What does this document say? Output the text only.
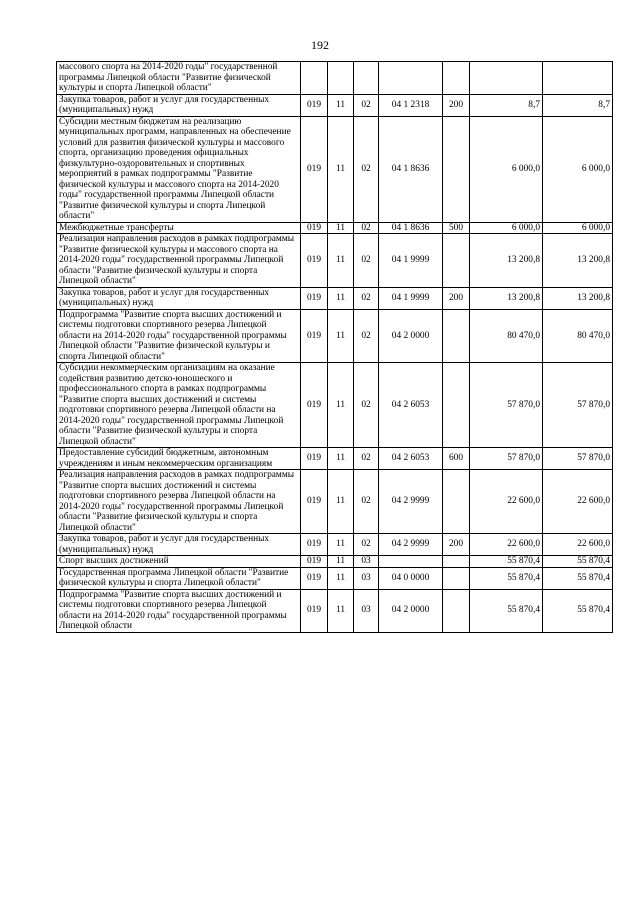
192
массового спорта на 2014-2020 годы" государственной программы Липецкой области "Развитие физической культуры и спорта Липецкой области"							
Закупка товаров, работ и услуг для государственных (муниципальных) нужд	019	11	02	04 1 2318	200	8,7	8,7
Субсидии местным бюджетам на реализацию муниципальных программ, направленных на обеспечение условий для развития физической культуры и массового спорта, организацию проведения официальных физкультурно-оздоровительных и спортивных мероприятий в рамках подпрограммы "Развитие физической культуры и массового спорта на 2014-2020 годы" государственной программы Липецкой области "Развитие физической культуры и спорта Липецкой области"	019	11	02	04 1 8636		6 000,0	6 000,0
Межбюджетные трансферты	019	11	02	04 1 8636	500	6 000,0	6 000,0
Реализация направления расходов в рамках подпрограммы "Развитие физической культуры и массового спорта на 2014-2020 годы" государственной программы Липецкой области "Развитие физической культуры и спорта Липецкой области"	019	11	02	04 1 9999		13 200,8	13 200,8
Закупка товаров, работ и услуг для государственных (муниципальных) нужд	019	11	02	04 1 9999	200	13 200,8	13 200,8
Подпрограмма "Развитие спорта высших достижений и системы подготовки спортивного резерва Липецкой области на 2014-2020 годы" государственной программы Липецкой области "Развитие физической культуры и спорта Липецкой области"	019	11	02	04 2 0000		80 470,0	80 470,0
Субсидии некоммерческим организациям на оказание содействия развитию детско-юношеского и профессионального спорта в рамках подпрограммы "Развитие спорта высших достижений и системы подготовки спортивного резерва Липецкой области на 2014-2020 годы" государственной программы Липецкой области "Развитие физической культуры и спорта Липецкой области"	019	11	02	04 2 6053		57 870,0	57 870,0
Предоставление субсидий бюджетным, автономным учреждениям и иным некоммерческим организациям	019	11	02	04 2 6053	600	57 870,0	57 870,0
Реализация направления расходов в рамках подпрограммы "Развитие спорта высших достижений и системы подготовки спортивного резерва Липецкой области на 2014-2020 годы" государственной программы Липецкой области "Развитие физической культуры и спорта Липецкой области"	019	11	02	04 2 9999		22 600,0	22 600,0
Закупка товаров, работ и услуг для государственных (муниципальных) нужд	019	11	02	04 2 9999	200	22 600,0	22 600,0
Спорт высших достижений	019	11	03			55 870,4	55 870,4
Государственная программа Липецкой области "Развитие физической культуры и спорта Липецкой области"	019	11	03	04 0 0000		55 870,4	55 870,4
Подпрограмма "Развитие спорта высших достижений и системы подготовки спортивного резерва Липецкой области на 2014-2020 годы" государственной программы Липецкой области	019	11	03	04 2 0000		55 870,4	55 870,4
